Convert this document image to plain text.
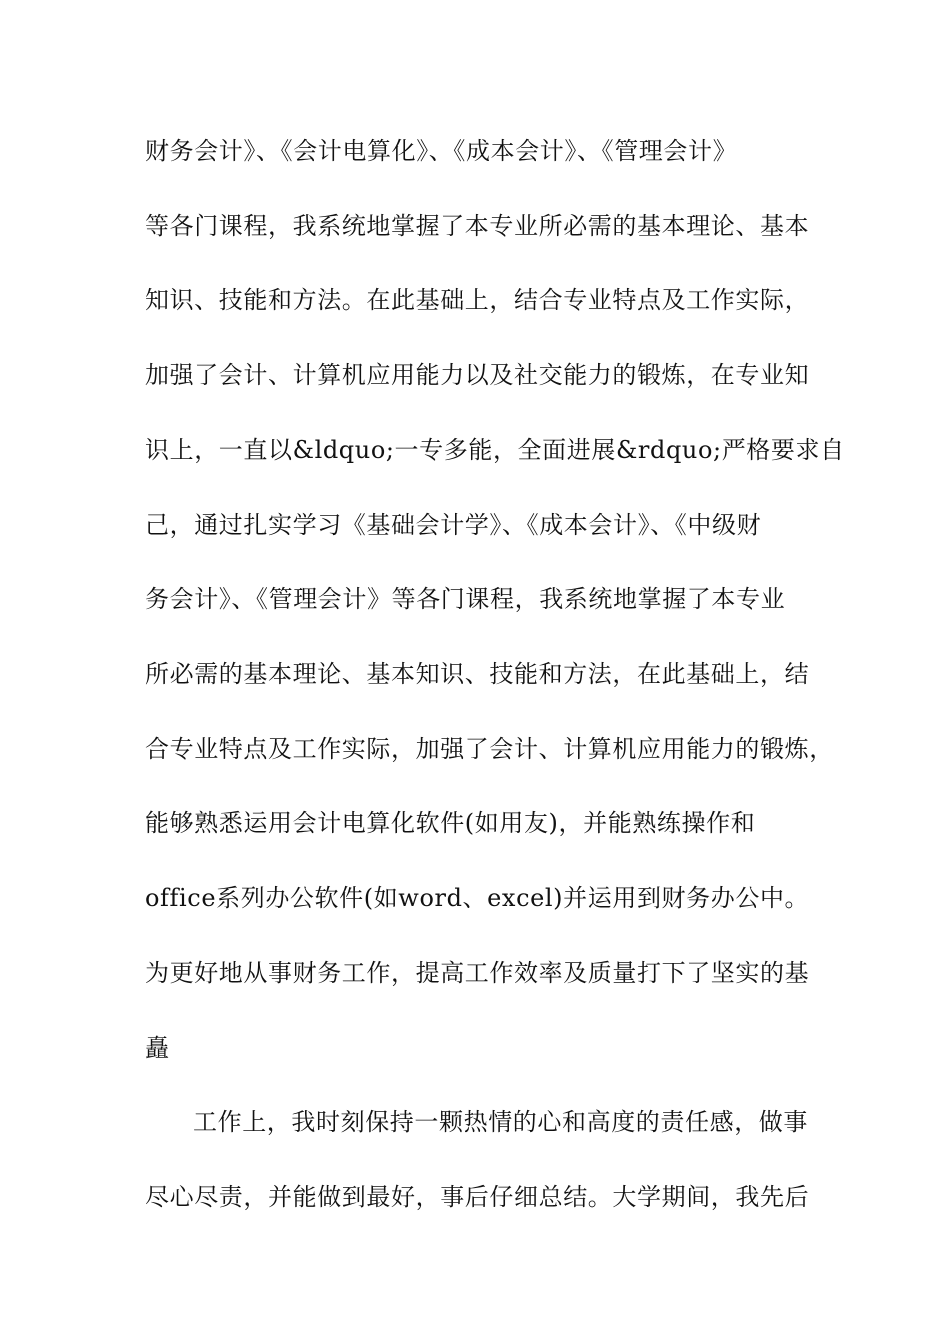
财务会计》、《会计电算化》、《成本会计》、《管理会计》
等各门课程，我系统地掌握了本专业所必需的基本理论、基本
知识、技能和方法。在此基础上，结合专业特点及工作实际，
加强了会计、计算机应用能力以及社交能力的锻炼，在专业知
识上，一直以&ldquo;一专多能，全面进展&rdquo;严格要求自
己，通过扎实学习《基础会计学》、《成本会计》、《中级财
务会计》、《管理会计》等各门课程，我系统地掌握了本专业
所必需的基本理论、基本知识、技能和方法，在此基础上，结
合专业特点及工作实际，加强了会计、计算机应用能力的锻炼，
能够熟悉运用会计电算化软件(如用友)，并能熟练操作和
office系列办公软件(如word、excel)并运用到财务办公中。
为更好地从事财务工作，提高工作效率及质量打下了坚实的基
矗
工作上，我时刻保持一颗热情的心和高度的责任感，做事
尽心尽责，并能做到最好，事后仔细总结。大学期间，我先后
